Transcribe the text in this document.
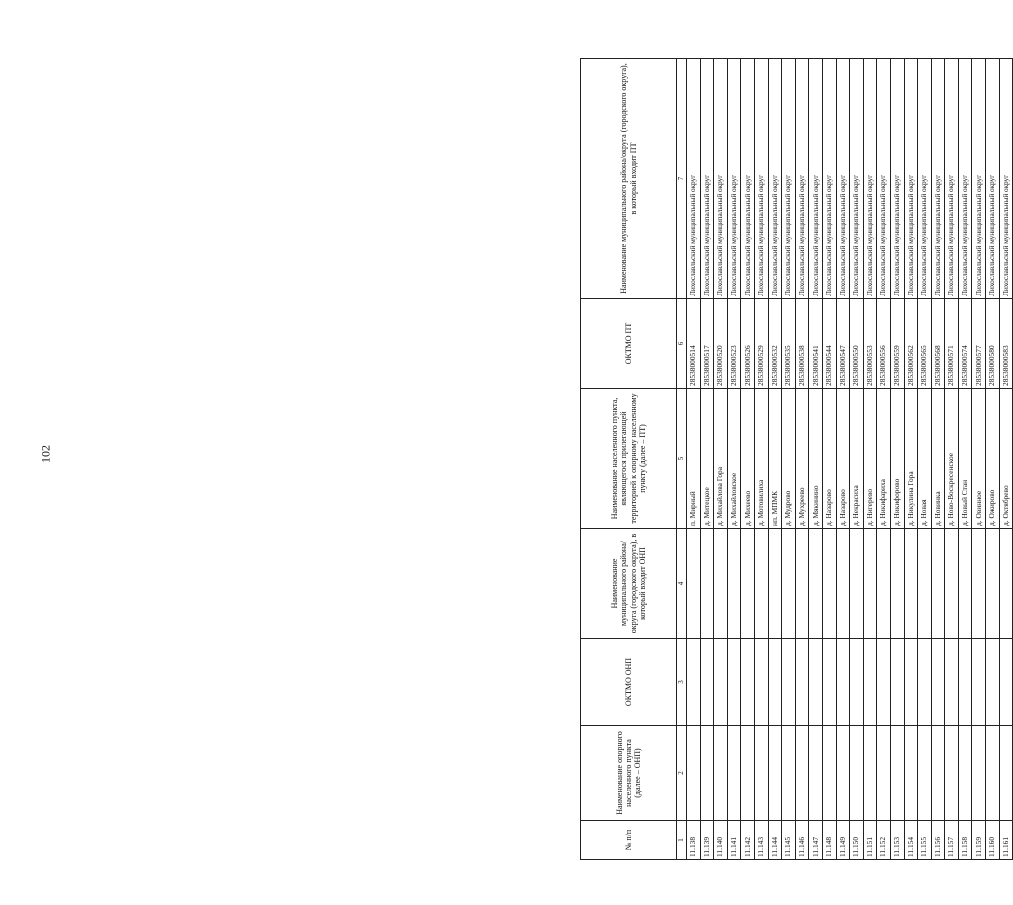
102
№ п/п	Наименование опорного населенного пункта (далее – ОНП)	ОКТМО ОНП	Наименование муниципального района/округа (городского округа), в который входит ОНП	Наименование населенного пункта, являющегося прилегающей территорией к опорному населенному пункту (далее – ПТ)	ОКТМО ПТ	Наименование муниципального района/округа (городского округа), в который входит ПТ
1	2	3	4	5	6	7
11.138				п. Мирный	28538000514	Лихославльский муниципальный округ
11.139				д. Митецкое	28538000517	Лихославльский муниципальный округ
11.140				д. Михайлова Гора	28538000520	Лихославльский муниципальный округ
11.141				д. Михайловское	28538000523	Лихославльский муниципальный округ
11.142				д. Михеево	28538000526	Лихославльский муниципальный округ
11.143				д. Мотовилиха	28538000529	Лихославльский муниципальный округ
11.144				нп. МПМК	28538000532	Лихославльский муниципальный округ
11.145				д. Мудрово	28538000535	Лихославльский муниципальный округ
11.146				д. Мухреево	28538000538	Лихославльский муниципальный округ
11.147				д. Мякинино	28538000541	Лихославльский муниципальный округ
11.148				д. Назарово	28538000544	Лихославльский муниципальный округ
11.149				д. Назарово	28538000547	Лихославльский муниципальный округ
11.150				д. Некрасиха	28538000550	Лихославльский муниципальный округ
11.151				д. Нигерево	28538000553	Лихославльский муниципальный округ
11.152				д. Никифариха	28538000556	Лихославльский муниципальный округ
11.153				д. Никифорово	28538000559	Лихославльский муниципальный округ
11.154				д. Никулина Гора	28538000562	Лихославльский муниципальный округ
11.155				д. Новая	28538000565	Лихославльский муниципальный округ
11.156				д. Новинка	28538000568	Лихославльский муниципальный округ
11.157				д. Ново-Воскресенское	28538000571	Лихославльский муниципальный округ
11.158				д. Новый Стан	28538000574	Лихославльский муниципальный округ
11.159				д. Овинное	28538000577	Лихославльский муниципальный округ
11.160				д. Ожирово	28538000580	Лихославльский муниципальный округ
11.161				д. Октябрево	28538000583	Лихославльский муниципальный округ
